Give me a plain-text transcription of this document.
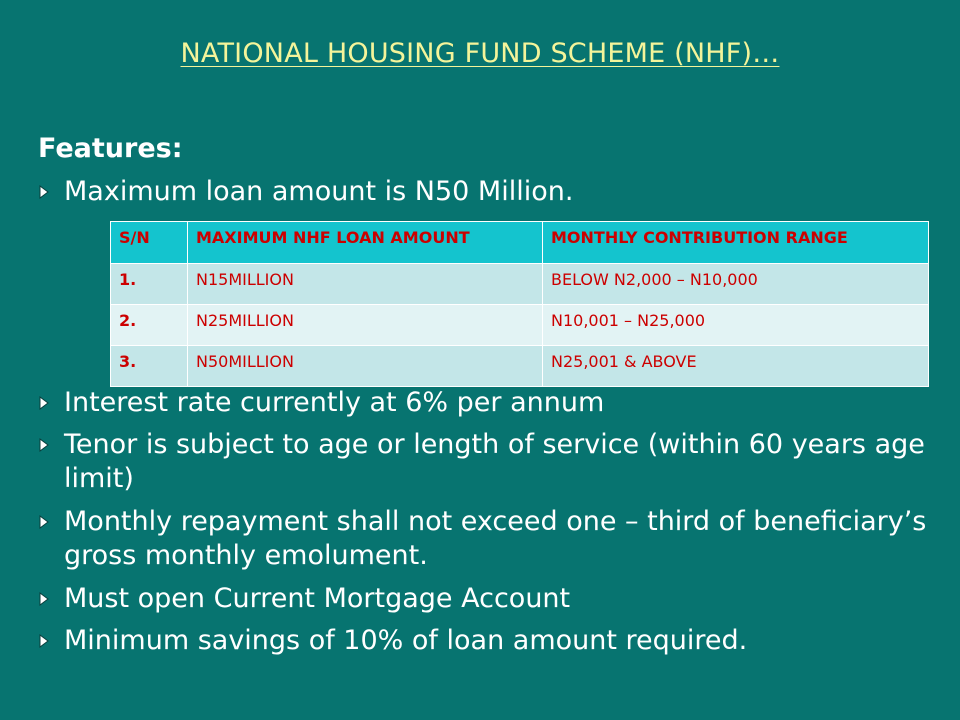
NATIONAL HOUSING FUND SCHEME (NHF)…
Features:
Maximum loan amount is N50 Million.
S/N	MAXIMUM NHF LOAN AMOUNT	MONTHLY CONTRIBUTION RANGE
1.	N15MILLION	BELOW N2,000 – N10,000
2.	N25MILLION	N10,001 – N25,000
3.	N50MILLION	N25,001 & ABOVE
Interest rate currently at 6% per annum
Tenor is subject to age or length of service (within 60 years age limit)
Monthly repayment shall not exceed one – third of beneficiary’s gross monthly emolument.
Must open Current Mortgage Account
Minimum savings of 10% of loan amount required.
